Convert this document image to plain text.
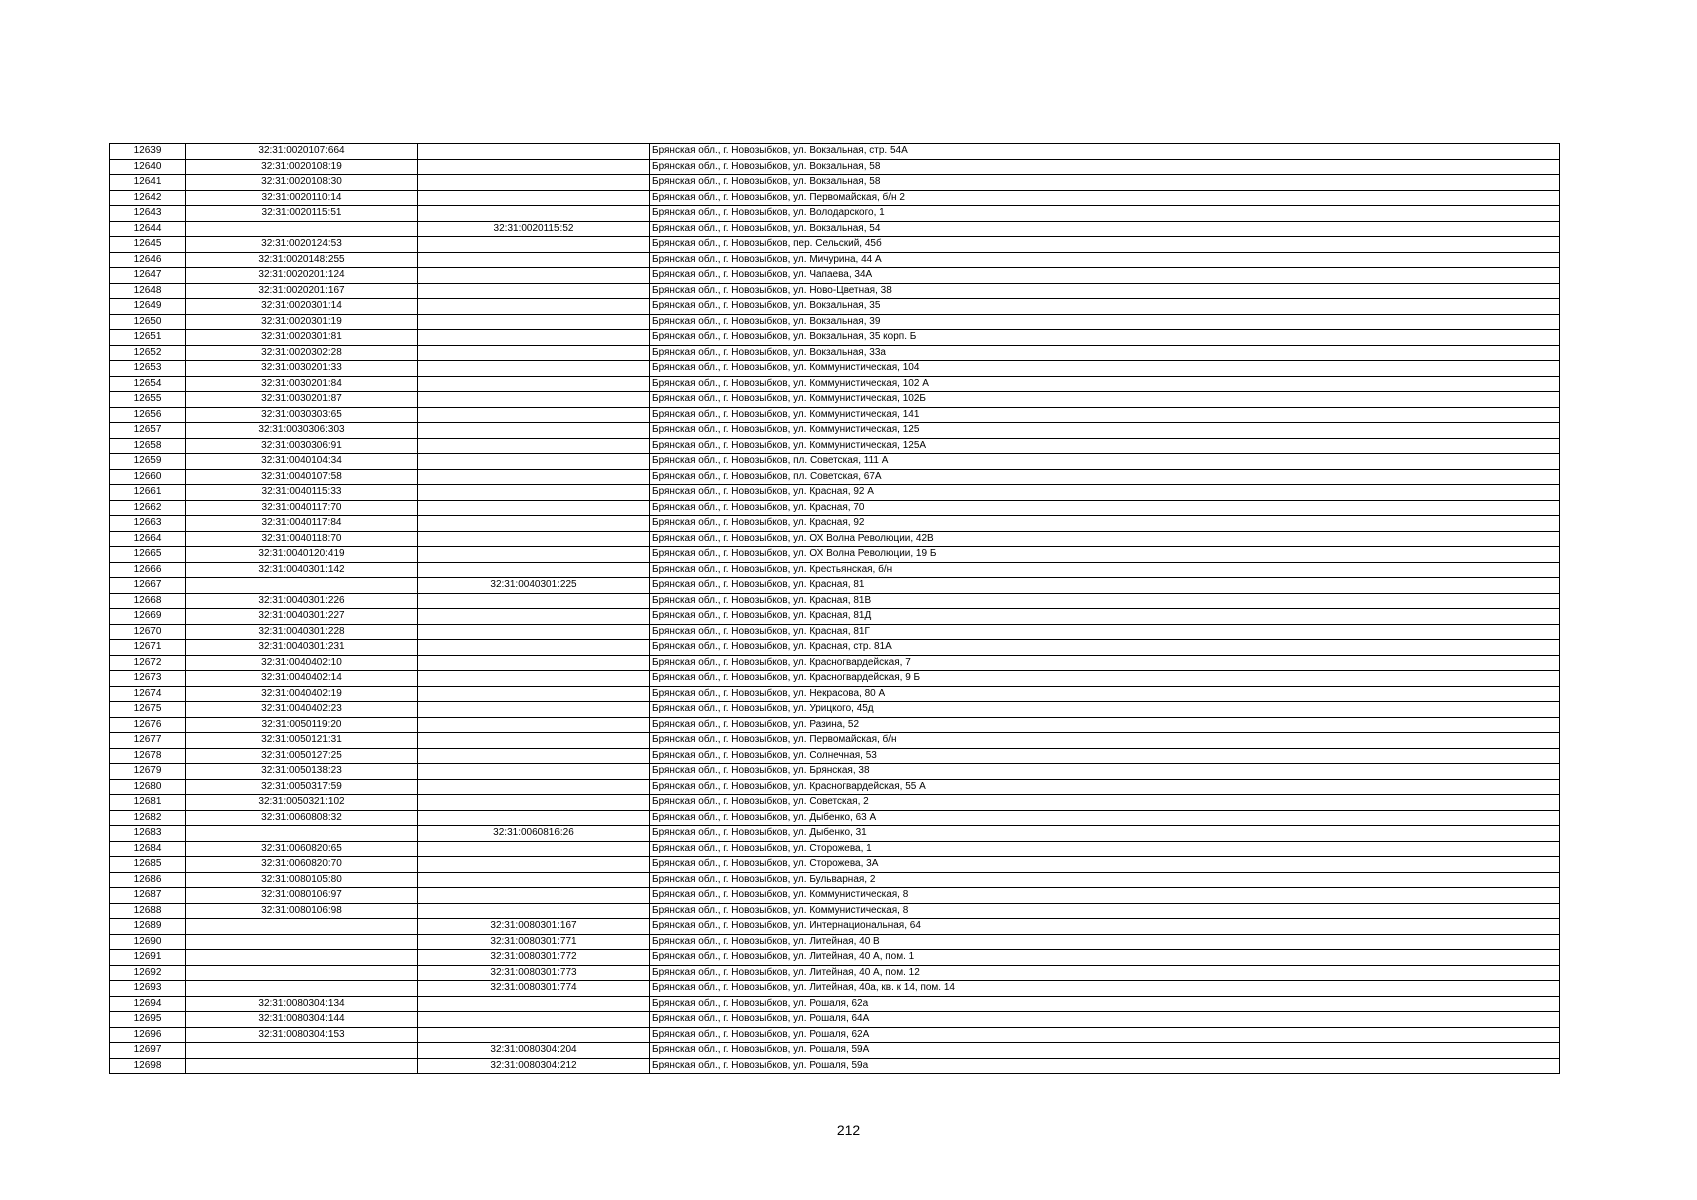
12639	32:31:0020107:664		Брянская обл., г. Новозыбков, ул. Вокзальная, стр. 54А
12640	32:31:0020108:19		Брянская обл., г. Новозыбков, ул. Вокзальная, 58
12641	32:31:0020108:30		Брянская обл., г. Новозыбков, ул. Вокзальная, 58
12642	32:31:0020110:14		Брянская обл., г. Новозыбков, ул. Первомайская, б/н 2
12643	32:31:0020115:51		Брянская обл., г. Новозыбков, ул. Володарского, 1
12644		32:31:0020115:52	Брянская обл., г. Новозыбков, ул. Вокзальная, 54
12645	32:31:0020124:53		Брянская обл., г. Новозыбков, пер. Сельский, 45б
12646	32:31:0020148:255		Брянская обл., г. Новозыбков, ул. Мичурина, 44 А
12647	32:31:0020201:124		Брянская обл., г. Новозыбков, ул. Чапаева, 34А
12648	32:31:0020201:167		Брянская обл., г. Новозыбков, ул. Ново-Цветная, 38
12649	32:31:0020301:14		Брянская обл., г. Новозыбков, ул. Вокзальная, 35
12650	32:31:0020301:19		Брянская обл., г. Новозыбков, ул. Вокзальная, 39
12651	32:31:0020301:81		Брянская обл., г. Новозыбков, ул. Вокзальная, 35 корп. Б
12652	32:31:0020302:28		Брянская обл., г. Новозыбков, ул. Вокзальная, 33а
12653	32:31:0030201:33		Брянская обл., г. Новозыбков, ул. Коммунистическая, 104
12654	32:31:0030201:84		Брянская обл., г. Новозыбков, ул. Коммунистическая, 102 А
12655	32:31:0030201:87		Брянская обл., г. Новозыбков, ул. Коммунистическая, 102Б
12656	32:31:0030303:65		Брянская обл., г. Новозыбков, ул. Коммунистическая, 141
12657	32:31:0030306:303		Брянская обл., г. Новозыбков, ул. Коммунистическая, 125
12658	32:31:0030306:91		Брянская обл., г. Новозыбков, ул. Коммунистическая, 125А
12659	32:31:0040104:34		Брянская обл., г. Новозыбков, пл. Советская, 111 А
12660	32:31:0040107:58		Брянская обл., г. Новозыбков, пл. Советская, 67А
12661	32:31:0040115:33		Брянская обл., г. Новозыбков, ул. Красная, 92 А
12662	32:31:0040117:70		Брянская обл., г. Новозыбков, ул. Красная, 70
12663	32:31:0040117:84		Брянская обл., г. Новозыбков, ул. Красная, 92
12664	32:31:0040118:70		Брянская обл., г. Новозыбков, ул. ОХ Волна Революции, 42В
12665	32:31:0040120:419		Брянская обл., г. Новозыбков, ул. ОХ Волна Революции, 19 Б
12666	32:31:0040301:142		Брянская обл., г. Новозыбков, ул. Крестьянская, б/н
12667		32:31:0040301:225	Брянская обл., г. Новозыбков, ул. Красная, 81
12668	32:31:0040301:226		Брянская обл., г. Новозыбков, ул. Красная, 81В
12669	32:31:0040301:227		Брянская обл., г. Новозыбков, ул. Красная, 81Д
12670	32:31:0040301:228		Брянская обл., г. Новозыбков, ул. Красная, 81Г
12671	32:31:0040301:231		Брянская обл., г. Новозыбков, ул. Красная, стр. 81А
12672	32:31:0040402:10		Брянская обл., г. Новозыбков, ул. Красногвардейская, 7
12673	32:31:0040402:14		Брянская обл., г. Новозыбков, ул. Красногвардейская, 9 Б
12674	32:31:0040402:19		Брянская обл., г. Новозыбков, ул. Некрасова, 80 А
12675	32:31:0040402:23		Брянская обл., г. Новозыбков, ул. Урицкого, 45д
12676	32:31:0050119:20		Брянская обл., г. Новозыбков, ул. Разина, 52
12677	32:31:0050121:31		Брянская обл., г. Новозыбков, ул. Первомайская, б/н
12678	32:31:0050127:25		Брянская обл., г. Новозыбков, ул. Солнечная, 53
12679	32:31:0050138:23		Брянская обл., г. Новозыбков, ул. Брянская, 38
12680	32:31:0050317:59		Брянская обл., г. Новозыбков, ул. Красногвардейская, 55 А
12681	32:31:0050321:102		Брянская обл., г. Новозыбков, ул. Советская, 2
12682	32:31:0060808:32		Брянская обл., г. Новозыбков, ул. Дыбенко, 63 А
12683		32:31:0060816:26	Брянская обл., г. Новозыбков, ул. Дыбенко, 31
12684	32:31:0060820:65		Брянская обл., г. Новозыбков, ул. Сторожева, 1
12685	32:31:0060820:70		Брянская обл., г. Новозыбков, ул. Сторожева, 3А
12686	32:31:0080105:80		Брянская обл., г. Новозыбков, ул. Бульварная, 2
12687	32:31:0080106:97		Брянская обл., г. Новозыбков, ул. Коммунистическая, 8
12688	32:31:0080106:98		Брянская обл., г. Новозыбков, ул. Коммунистическая, 8
12689		32:31:0080301:167	Брянская обл., г. Новозыбков, ул. Интернациональная, 64
12690		32:31:0080301:771	Брянская обл., г. Новозыбков, ул. Литейная, 40 В
12691		32:31:0080301:772	Брянская обл., г. Новозыбков, ул. Литейная, 40 А, пом. 1
12692		32:31:0080301:773	Брянская обл., г. Новозыбков, ул. Литейная, 40 А, пом. 12
12693		32:31:0080301:774	Брянская обл., г. Новозыбков, ул. Литейная, 40а, кв. к 14, пом. 14
12694	32:31:0080304:134		Брянская обл., г. Новозыбков, ул. Рошаля, 62а
12695	32:31:0080304:144		Брянская обл., г. Новозыбков, ул. Рошаля, 64А
12696	32:31:0080304:153		Брянская обл., г. Новозыбков, ул. Рошаля, 62А
12697		32:31:0080304:204	Брянская обл., г. Новозыбков, ул. Рошаля, 59А
12698		32:31:0080304:212	Брянская обл., г. Новозыбков, ул. Рошаля, 59а
212
